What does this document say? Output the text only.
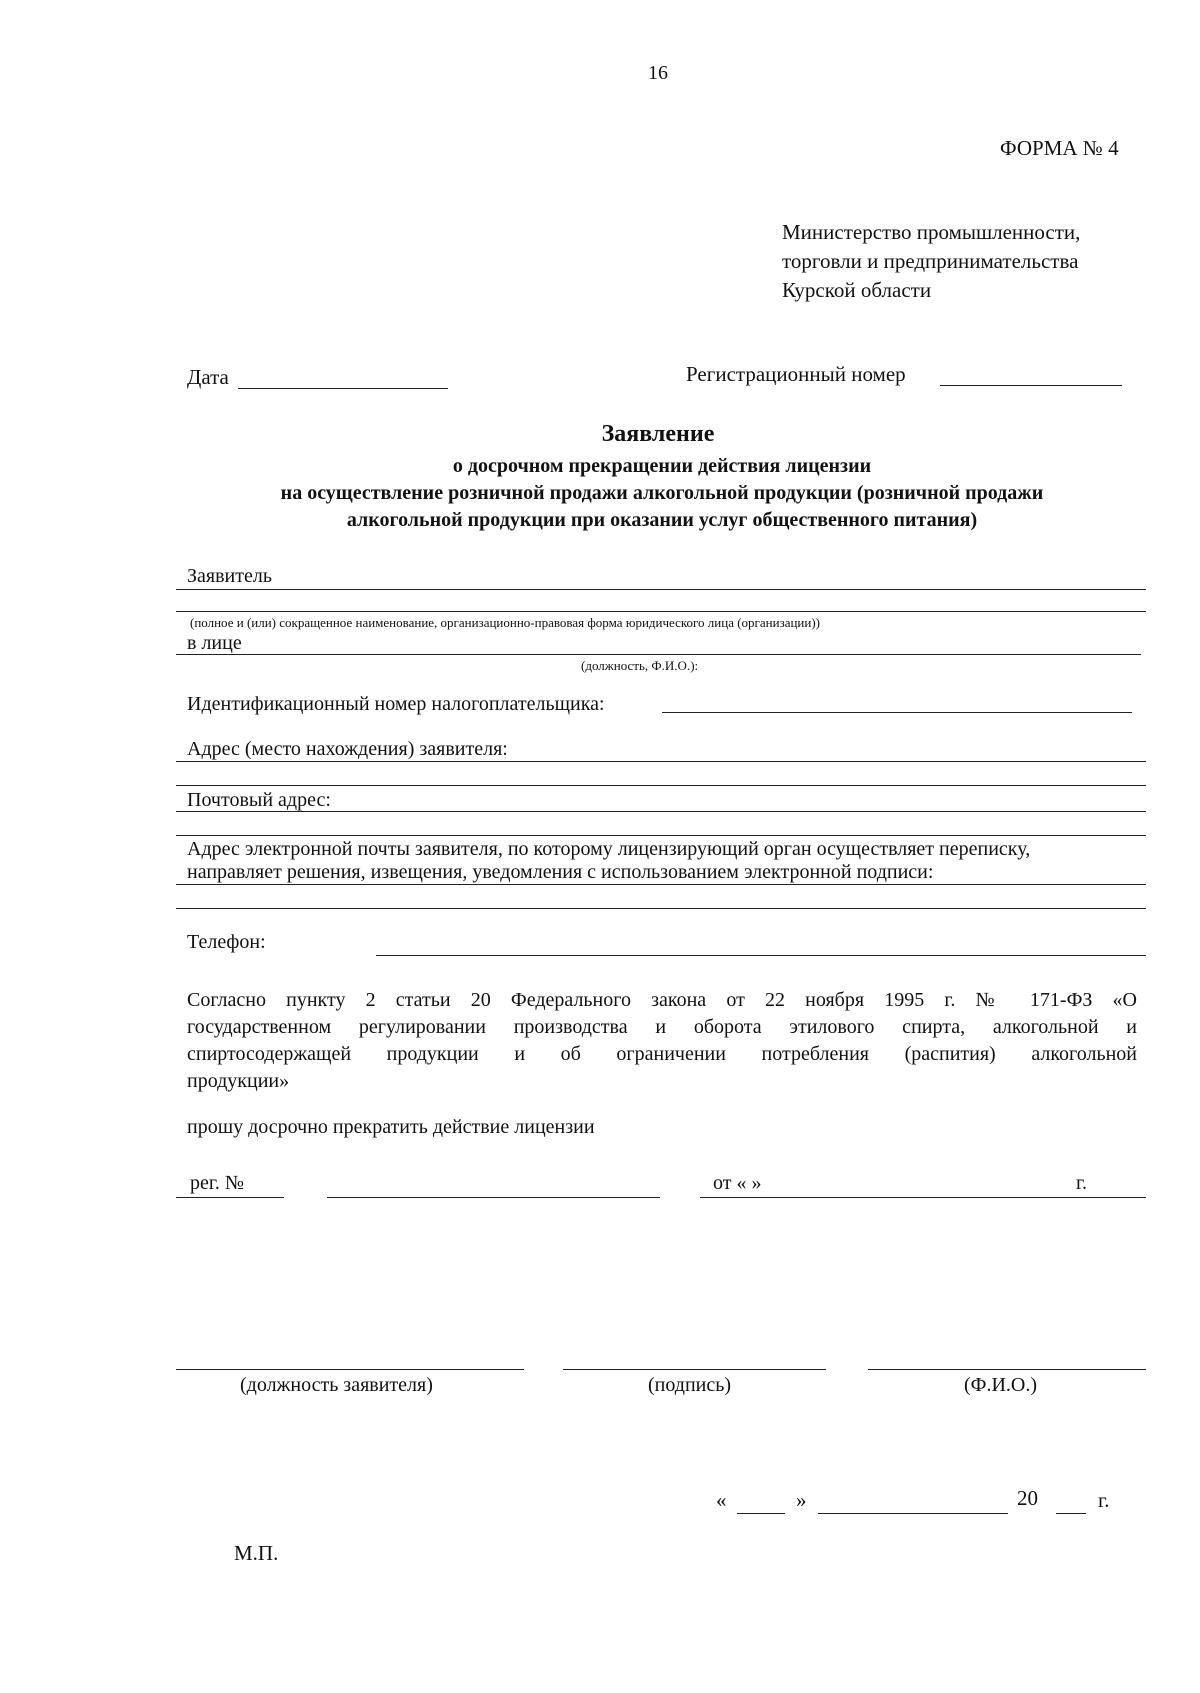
16
ФОРМА № 4
Министерство промышленности,
торговли и предпринимательства
Курской области
Дата	Регистрационный номер
Заявление
о досрочном прекращении действия лицензии
на осуществление розничной продажи алкогольной продукции (розничной продажи
алкогольной продукции при оказании услуг общественного питания)
Заявитель
(полное и (или) сокращенное наименование, организационно-правовая форма юридического лица (организации))
в лице
(должность, Ф.И.О.):
Идентификационный номер налогоплательщика:
Адрес (место нахождения) заявителя:
Почтовый адрес:
Адрес электронной почты заявителя, по которому лицензирующий орган осуществляет переписку,
направляет решения, извещения, уведомления с использованием электронной подписи:
Телефон:
Согласно пункту 2 статьи 20 Федерального закона от 22 ноября 1995 г. № 171-ФЗ «О
государственном регулировании производства и оборота этилового спирта, алкогольной и
спиртосодержащей продукции и об ограничении потребления (распития) алкогольной
продукции»
прошу досрочно прекратить действие лицензии
рег. №	от « »	г.
(должность заявителя)	(подпись)	(Ф.И.О.)
«	»	20	г.
М.П.
